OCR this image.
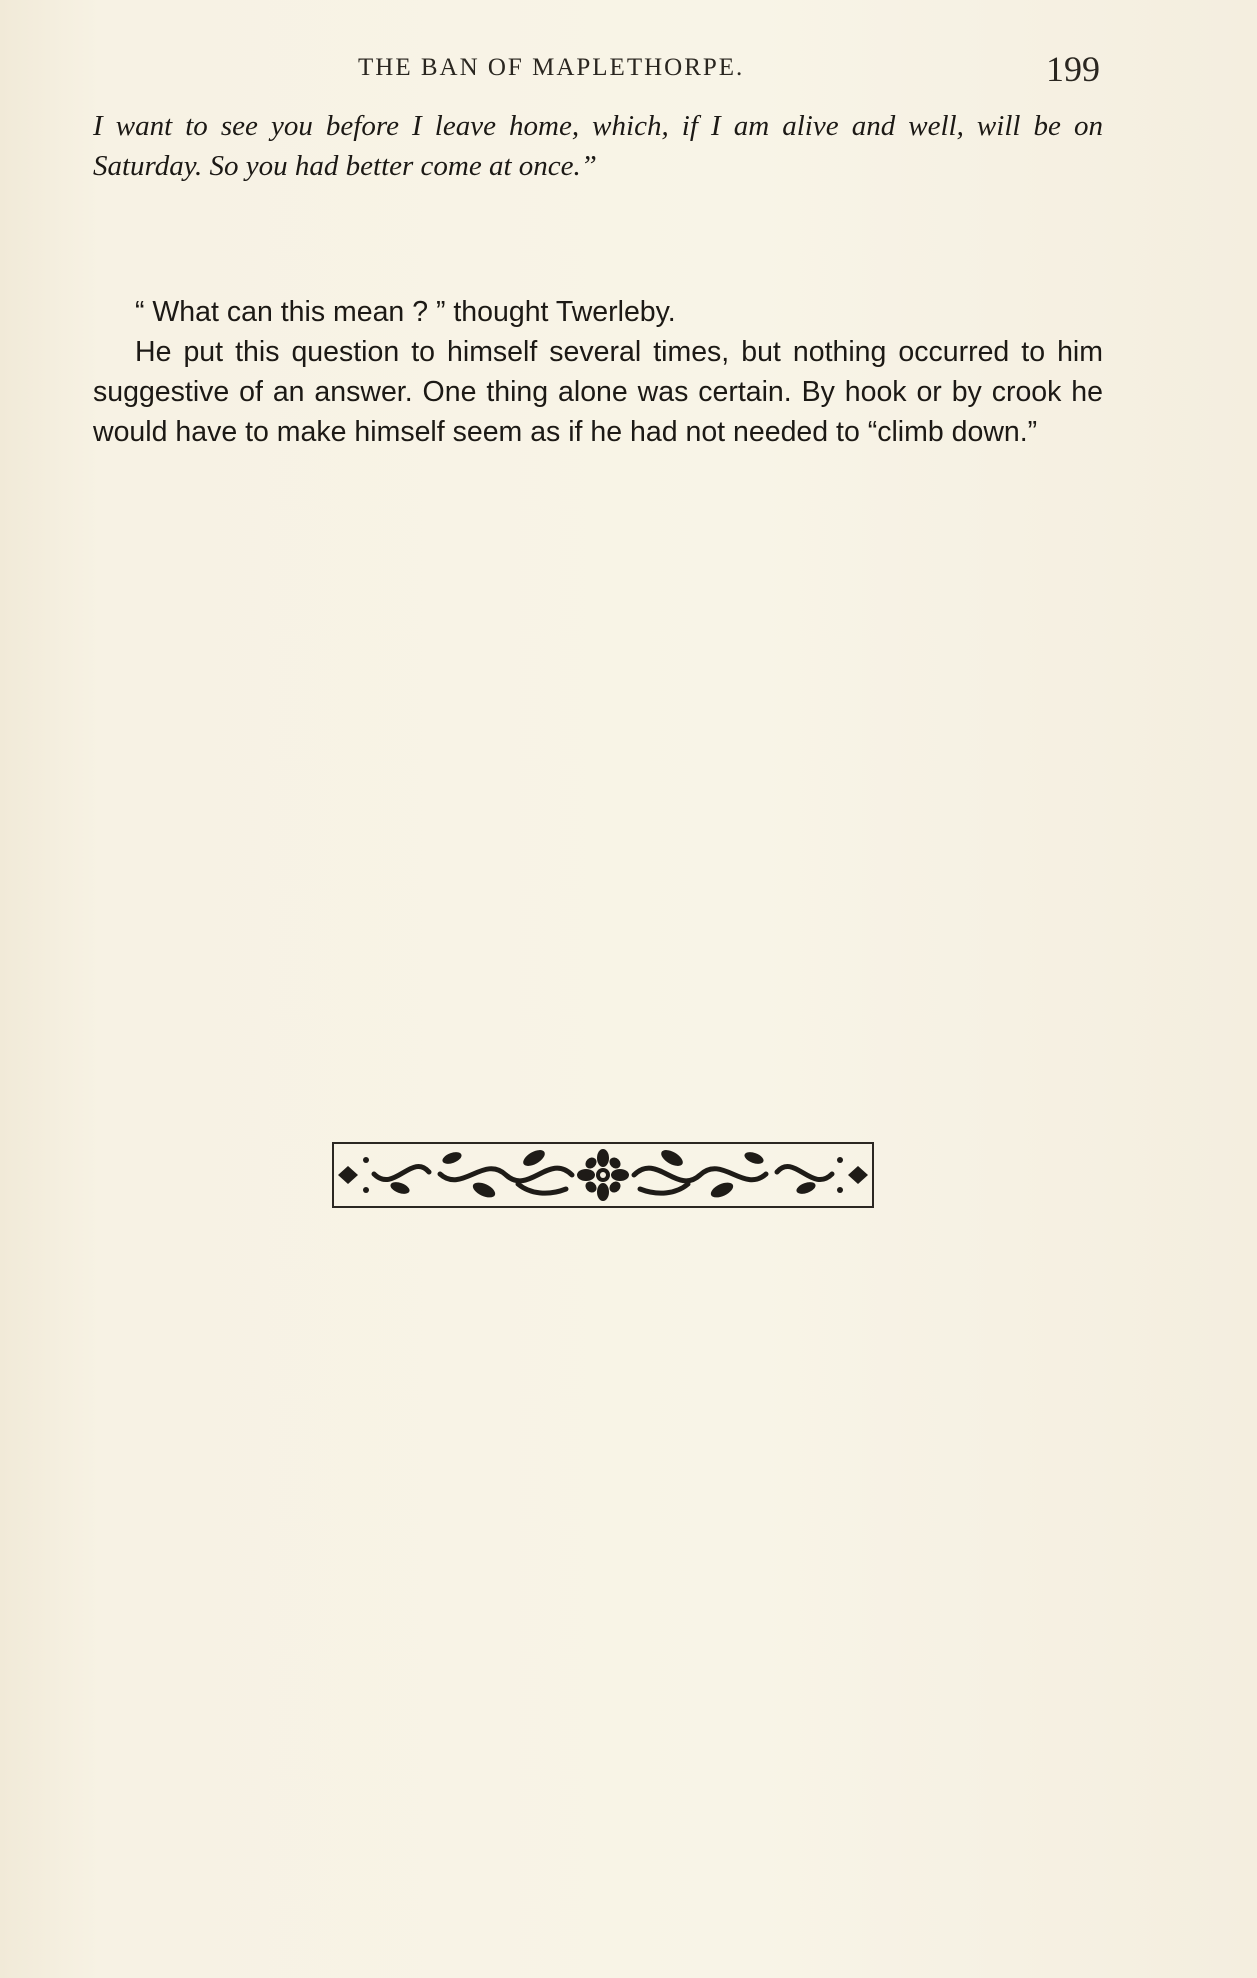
THE BAN OF MAPLETHORPE.	199
I want to see you before I leave home, which, if I am alive and well, will be on Saturday. So you had better come at once.”

“ What can this mean ? ” thought Twerleby.

He put this question to himself several times, but nothing occurred to him suggestive of an answer. One thing alone was certain. By hook or by crook he would have to make himself seem as if he had not needed to “climb down.”
